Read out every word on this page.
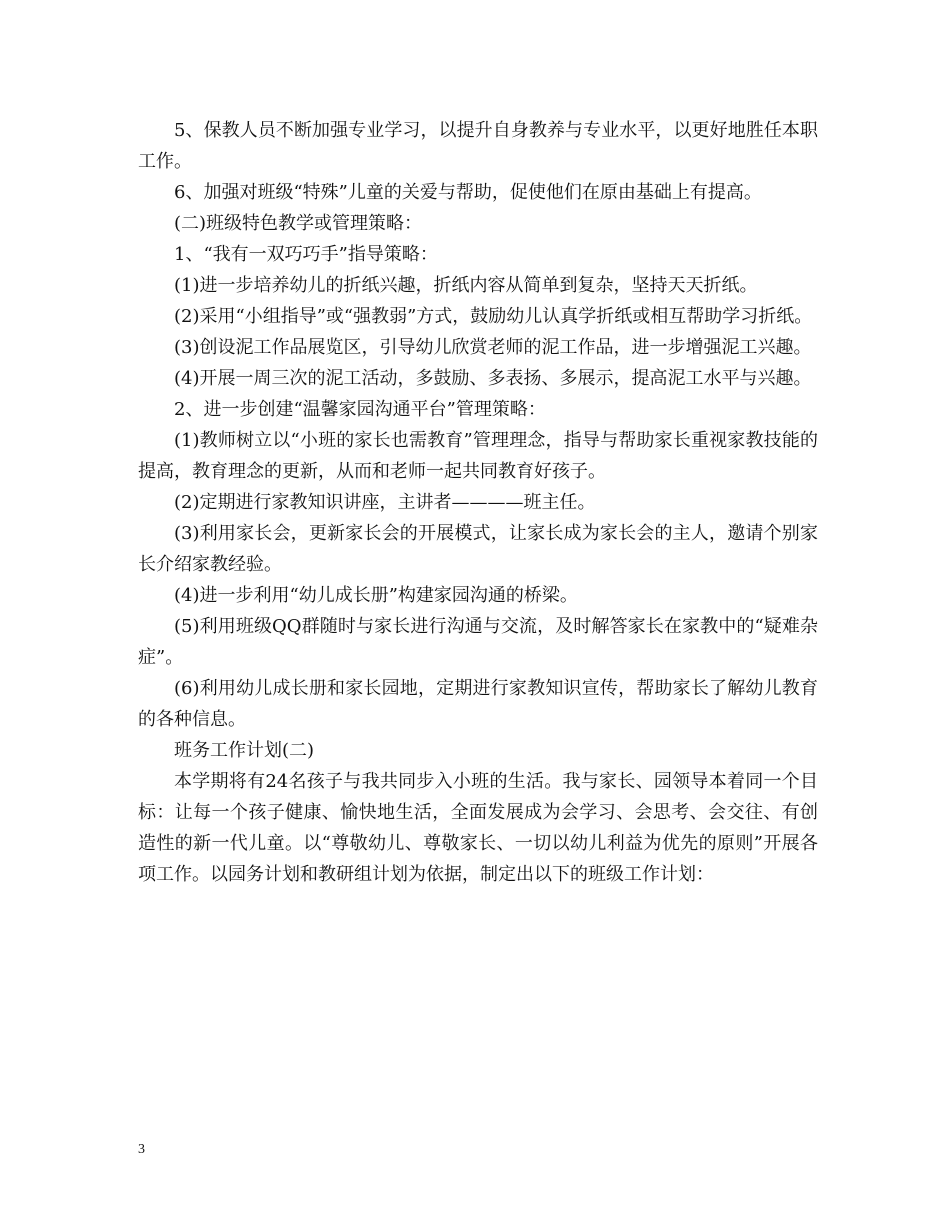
5、保教人员不断加强专业学习，以提升自身教养与专业水平，以更好地胜任本职工作。

6、加强对班级“特殊”儿童的关爱与帮助，促使他们在原由基础上有提高。

(二)班级特色教学或管理策略：

1、“我有一双巧巧手”指导策略：

(1)进一步培养幼儿的折纸兴趣，折纸内容从简单到复杂，坚持天天折纸。

(2)采用“小组指导”或“强教弱”方式，鼓励幼儿认真学折纸或相互帮助学习折纸。

(3)创设泥工作品展览区，引导幼儿欣赏老师的泥工作品，进一步增强泥工兴趣。

(4)开展一周三次的泥工活动，多鼓励、多表扬、多展示，提高泥工水平与兴趣。

2、进一步创建“温馨家园沟通平台”管理策略：

(1)教师树立以“小班的家长也需教育”管理理念，指导与帮助家长重视家教技能的提高，教育理念的更新，从而和老师一起共同教育好孩子。

(2)定期进行家教知识讲座，主讲者————班主任。

(3)利用家长会，更新家长会的开展模式，让家长成为家长会的主人，邀请个别家长介绍家教经验。

(4)进一步利用“幼儿成长册”构建家园沟通的桥梁。

(5)利用班级QQ群随时与家长进行沟通与交流，及时解答家长在家教中的“疑难杂症”。

(6)利用幼儿成长册和家长园地，定期进行家教知识宣传，帮助家长了解幼儿教育的各种信息。

班务工作计划(二)

本学期将有24名孩子与我共同步入小班的生活。我与家长、园领导本着同一个目标：让每一个孩子健康、愉快地生活，全面发展成为会学习、会思考、会交往、有创造性的新一代儿童。以“尊敬幼儿、尊敬家长、一切以幼儿利益为优先的原则”开展各项工作。以园务计划和教研组计划为依据，制定出以下的班级工作计划：

3
